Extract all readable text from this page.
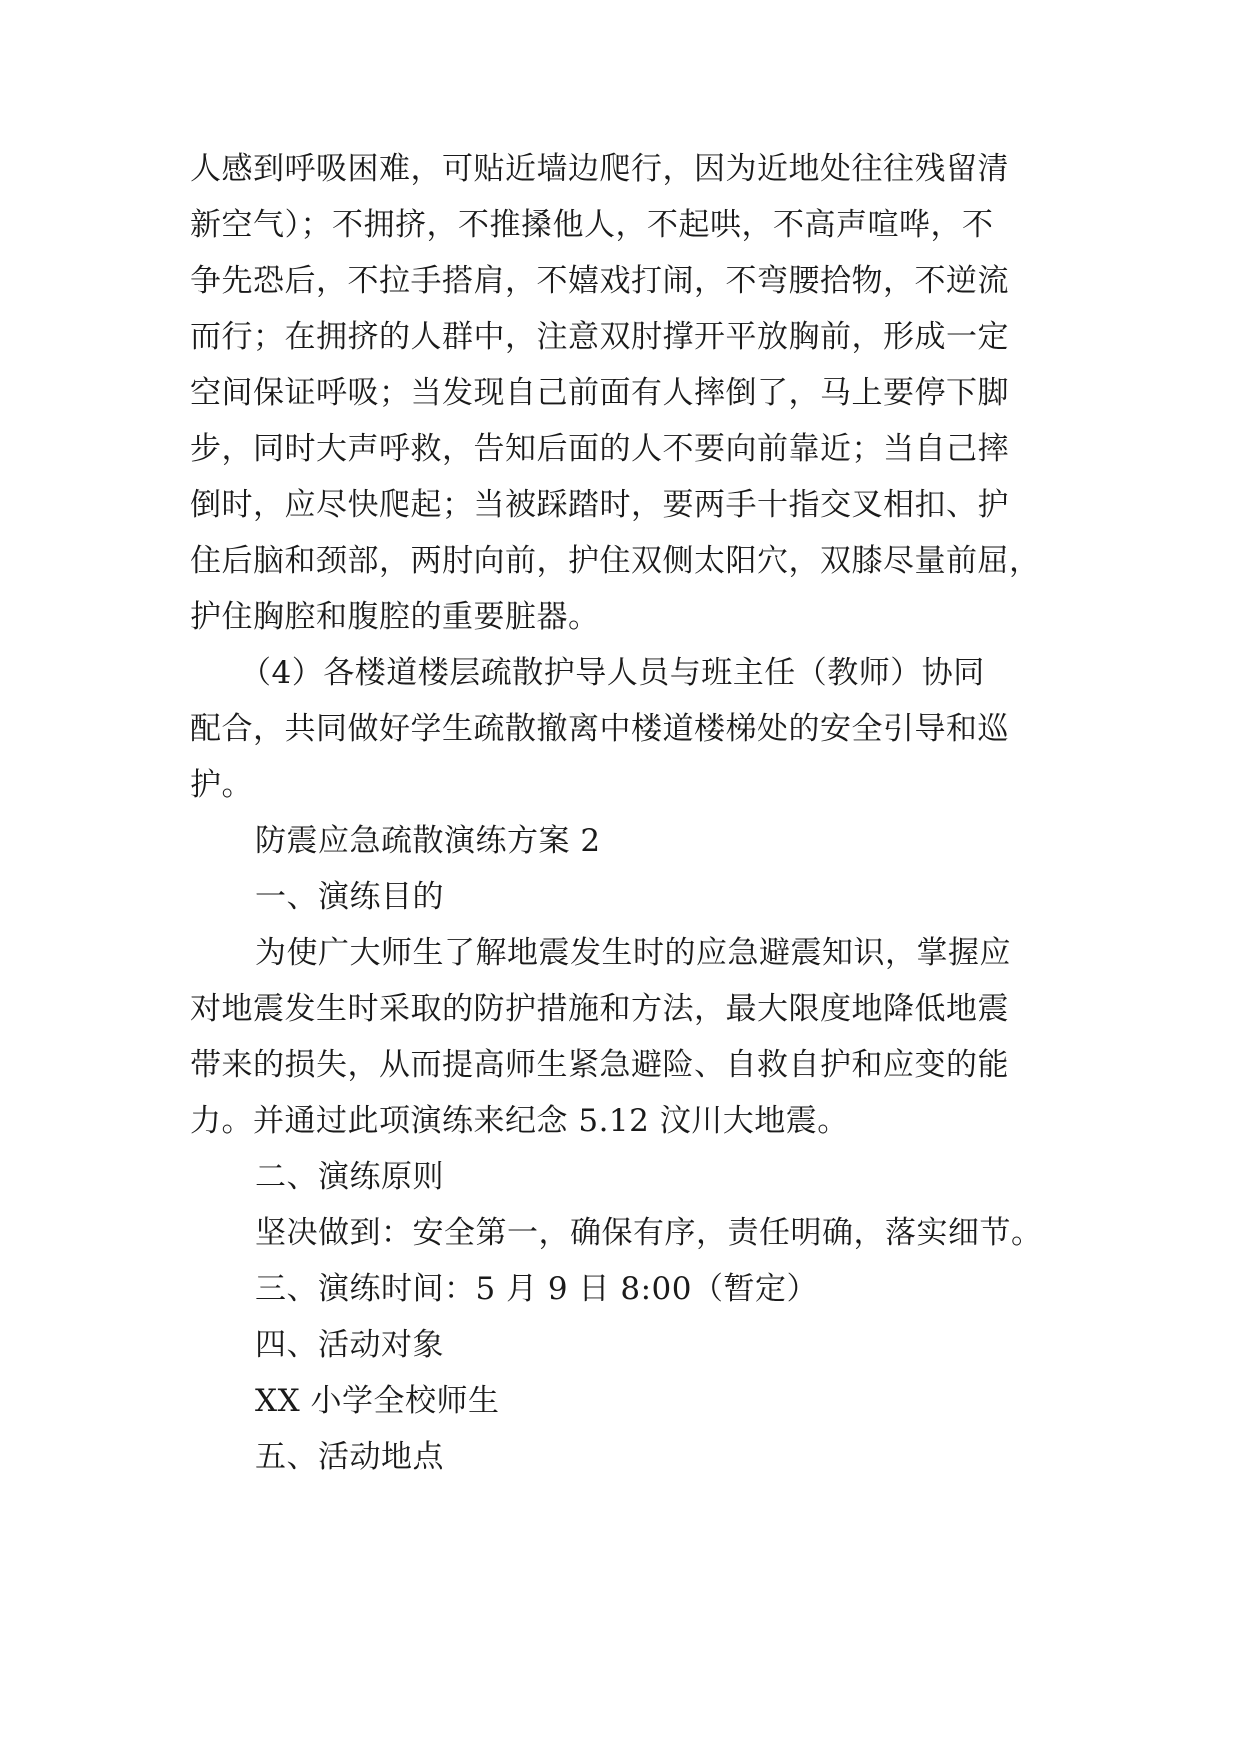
人感到呼吸困难，可贴近墙边爬行，因为近地处往往残留清
新空气）；不拥挤，不推搡他人，不起哄，不高声喧哗，不
争先恐后，不拉手搭肩，不嬉戏打闹，不弯腰拾物，不逆流
而行；在拥挤的人群中，注意双肘撑开平放胸前，形成一定
空间保证呼吸；当发现自己前面有人摔倒了，马上要停下脚
步，同时大声呼救，告知后面的人不要向前靠近；当自己摔
倒时，应尽快爬起；当被踩踏时，要两手十指交叉相扣、护
住后脑和颈部，两肘向前，护住双侧太阳穴，双膝尽量前屈，
护住胸腔和腹腔的重要脏器。
（4）各楼道楼层疏散护导人员与班主任（教师）协同
配合，共同做好学生疏散撤离中楼道楼梯处的安全引导和巡
护。
防震应急疏散演练方案 2
一、演练目的
为使广大师生了解地震发生时的应急避震知识，掌握应
对地震发生时采取的防护措施和方法，最大限度地降低地震
带来的损失，从而提高师生紧急避险、自救自护和应变的能
力。并通过此项演练来纪念 5.12 汶川大地震。
二、演练原则
坚决做到：安全第一，确保有序，责任明确，落实细节。
三、演练时间：5 月 9 日 8:00（暂定）
四、活动对象
XX 小学全校师生
五、活动地点
